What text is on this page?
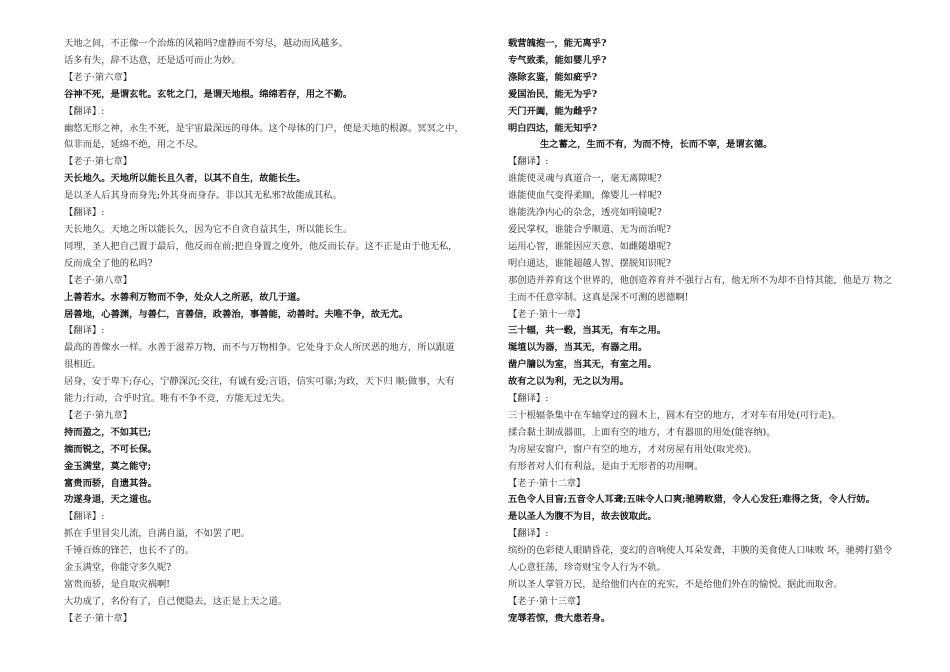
天地之间，不正像一个治炼的风箱吗?虚静而不穷尽，越动而风越多。
话多有失，辞不达意，还是适可而止为妙。
【老子·第六章】
谷神不死，是谓玄牝。玄牝之门，是谓天地根。绵绵若存，用之不勤。
【翻译】:
幽悠无形之神，永生不死，是宇宙最深远的母体。这个母体的门户，便是天地的根源。冥冥之中，
似非而是，延绵不绝，用之不尽。
【老子·第七章】
天长地久。天地所以能长且久者，以其不自生，故能长生。
是以圣人后其身而身先;外其身而身存。非以其无私邪?故能成其私。
【翻译】:
天长地久。天地之所以能长久，因为它不自贪自益其生，所以能长生。
同理，圣人把自己置于最后，他反而在前;把自身置之度外，他反而长存。这不正是由于他无私，
反而成全了他的私吗?
【老子·第八章】
上善若水。水善利万物而不争，处众人之所恶，故几于道。
居善地，心善渊，与善仁，言善信，政善治，事善能，动善时。夫唯不争，故无尤。
【翻译】:
最高的善像水一样。水善于滋养万物，而不与万物相争。它处身于众人所厌恶的地方，所以跟道
很相近。
居身，安于卑下;存心，宁静深沉;交往，有诚有爱;言语，信实可靠;为政，天下归 顺;做事，大有
能力;行动，合乎时宜。唯有不争不竞，方能无过无失。
【老子·第九章】
持而盈之，不如其已;
揣而锐之，不可长保。
金玉满堂，莫之能守;
富贵而骄，自遗其咎。
功遂身退，天之道也。
【翻译】:
抓在手里冒尖儿流，自满自溢，不如罢了吧。
千锤百炼的锋芒，也长不了的。
金玉满堂，你能守多久呢?
富贵而骄，是自取灾祸啊!
大功成了，名份有了，自己便隐去，这正是上天之道。
【老子·第十章】
载营魄抱一，能无离乎?
专气致柔，能如婴儿乎?
涤除玄鉴，能如疵乎?
爱国治民，能无为乎?
天门开阖，能为雌乎?
明白四达，能无知乎?
生之蓄之，生而不有，为而不恃，长而不宰，是谓玄德。
【翻译】:
谁能使灵魂与真道合一，毫无离隙呢?
谁能使血气变得柔顺，像婴儿一样呢?
谁能洗净内心的杂念，透亮如明镜呢?
爱民掌权，谁能合乎顺道、无为而治呢?
运用心智，谁能因应天意、如雌随雄呢?
明白通达，谁能超越人智、摆脱知识呢?
那创造并养育这个世界的，他创造养育并不强行占有，他无所不为却不自恃其能，他是万 物之
主而不任意宰制。这真是深不可测的恩德啊!
【老子·第十一章】
三十辐，共一毂，当其无，有车之用。
埏埴以为器，当其无，有器之用。
凿户牖以为室，当其无，有室之用。
故有之以为利，无之以为用。
【翻译】:
三十根辐条集中在车轴穿过的圆木上，圆木有空的地方，才对车有用处(可行走)。
揉合黏土制成器皿，上面有空的地方，才有器皿的用处(能容纳)。
为房屋安窗户，窗户有空的地方，才对房屋有用处(取光亮)。
有形者对人们有利益，是由于无形者的功用啊。
【老子·第十二章】
五色令人目盲;五音令人耳聋;五味令人口爽;驰骋畋猎，令人心发狂;难得之货，令人行妨。
是以圣人为腹不为目，故去彼取此。
【翻译】:
缤纷的色彩使人眼睛昏花，变幻的音响使人耳朵发聋，丰腴的美食使人口味败 坏，驰骋打猎令
人心意狂荡，珍奇财宝令人行为不轨。
所以圣人掌管万民，是给他们内在的充实，不是给他们外在的愉悦。据此而取舍。
【老子·第十三章】
宠辱若惊，贵大患若身。
